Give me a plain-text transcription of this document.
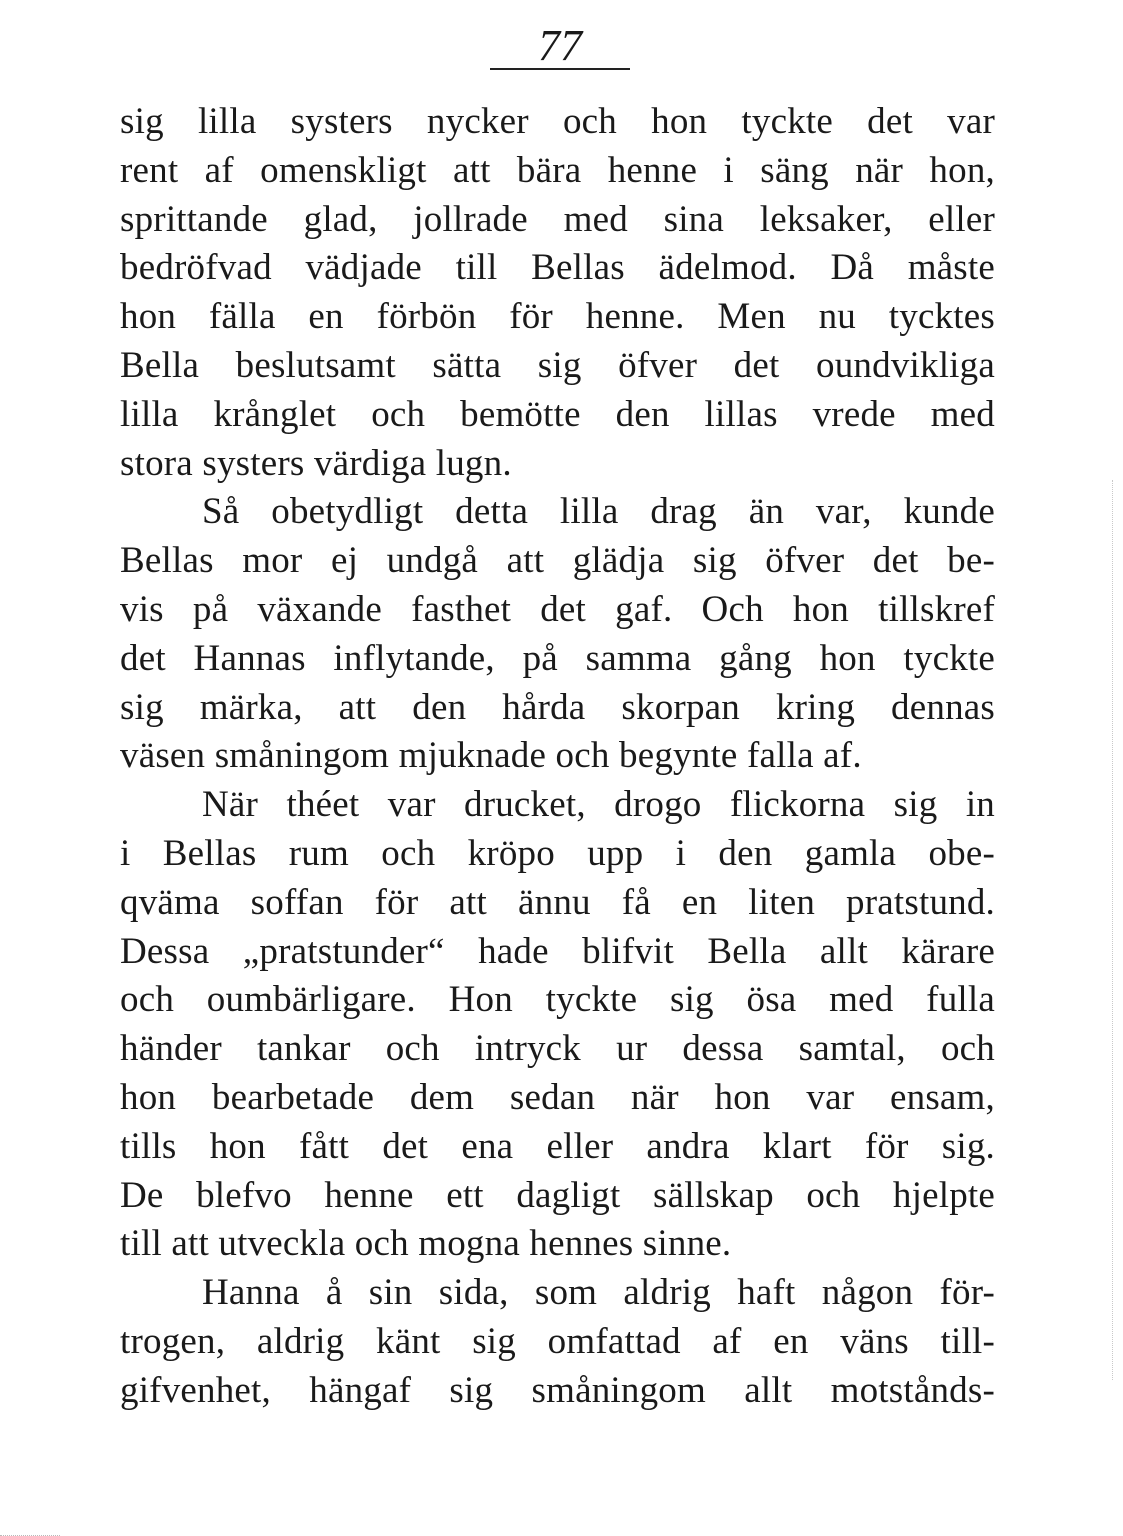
77
sig lilla systers nycker och hon tyckte det var
rent af omenskligt att bära henne i säng när hon,
sprittande glad, jollrade med sina leksaker, eller
bedröfvad vädjade till Bellas ädelmod. Då måste
hon fälla en förbön för henne. Men nu tycktes
Bella beslutsamt sätta sig öfver det oundvikliga
lilla krånglet och bemötte den lillas vrede med
stora systers värdiga lugn.
Så obetydligt detta lilla drag än var, kunde
Bellas mor ej undgå att glädja sig öfver det be-
vis på växande fasthet det gaf. Och hon tillskref
det Hannas inflytande, på samma gång hon tyckte
sig märka, att den hårda skorpan kring dennas
väsen småningom mjuknade och begynte falla af.
När théet var drucket, drogo flickorna sig in
i Bellas rum och kröpo upp i den gamla obe-
qväma soffan för att ännu få en liten pratstund.
Dessa „pratstunder“ hade blifvit Bella allt kärare
och oumbärligare. Hon tyckte sig ösa med fulla
händer tankar och intryck ur dessa samtal, och
hon bearbetade dem sedan när hon var ensam,
tills hon fått det ena eller andra klart för sig.
De blefvo henne ett dagligt sällskap och hjelpte
till att utveckla och mogna hennes sinne.
Hanna å sin sida, som aldrig haft någon för-
trogen, aldrig känt sig omfattad af en väns till-
gifvenhet, hängaf sig småningom allt motstånds-
